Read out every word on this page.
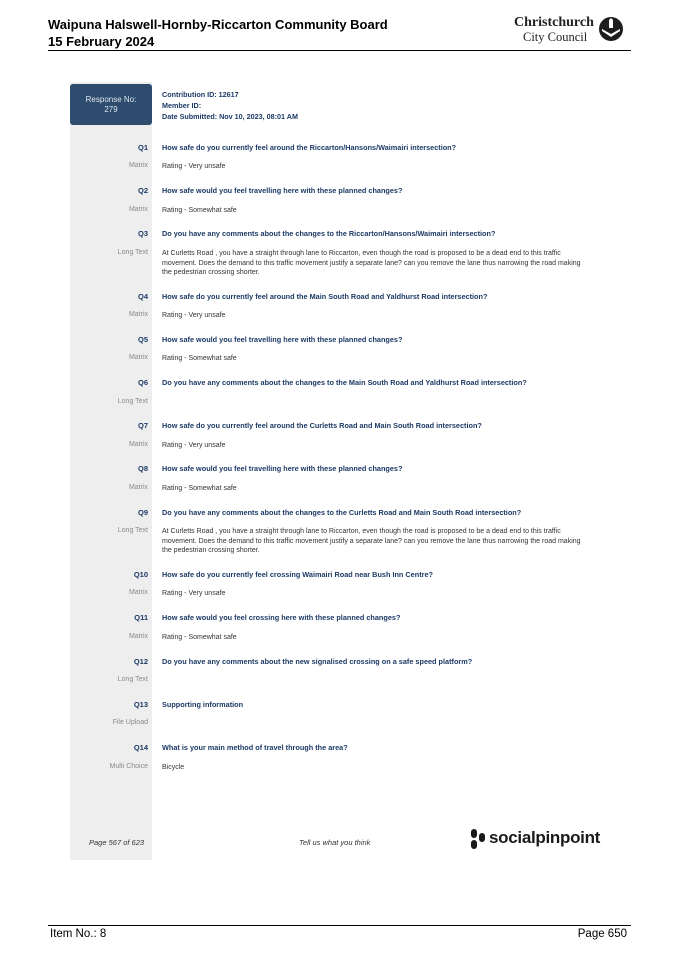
Waipuna Halswell-Hornby-Riccarton Community Board
15 February 2024
Christchurch
City Council
Response No:
279
Contribution ID: 12617
Member ID:
Date Submitted: Nov 10, 2023, 08:01 AM
Q1 How safe do you currently feel around the Riccarton/Hansons/Waimairi intersection?
Matrix Rating - Very unsafe
Q2 How safe would you feel travelling here with these planned changes?
Matrix Rating - Somewhat safe
Q3 Do you have any comments about the changes to the Riccarton/Hansons/Waimairi intersection?
Long Text At Curletts Road , you have a straight through lane to Riccarton, even though the road is proposed to be a dead end to this traffic movement. Does the demand to this traffic movement justify a separate lane? can you remove the lane thus narrowing the road making the pedestrian crossing shorter.
Q4 How safe do you currently feel around the Main South Road and Yaldhurst Road intersection?
Matrix Rating - Very unsafe
Q5 How safe would you feel travelling here with these planned changes?
Matrix Rating - Somewhat safe
Q6 Do you have any comments about the changes to the Main South Road and Yaldhurst Road intersection?
Long Text
Q7 How safe do you currently feel around the Curletts Road and Main South Road intersection?
Matrix Rating - Very unsafe
Q8 How safe would you feel travelling here with these planned changes?
Matrix Rating - Somewhat safe
Q9 Do you have any comments about the changes to the Curletts Road and Main South Road intersection?
Long Text At Curletts Road , you have a straight through lane to Riccarton, even though the road is proposed to be a dead end to this traffic movement. Does the demand to this traffic movement justify a separate lane? can you remove the lane thus narrowing the road making the pedestrian crossing shorter.
Q10 How safe do you currently feel crossing Waimairi Road near Bush Inn Centre?
Matrix Rating - Very unsafe
Q11 How safe would you feel crossing here with these planned changes?
Matrix Rating - Somewhat safe
Q12 Do you have any comments about the new signalised crossing on a safe speed platform?
Long Text
Q13 Supporting information
File Upload
Q14 What is your main method of travel through the area?
Multi Choice Bicycle
Page 567 of 623	Tell us what you think	socialpinpoint
Item No.: 8	Page 650
